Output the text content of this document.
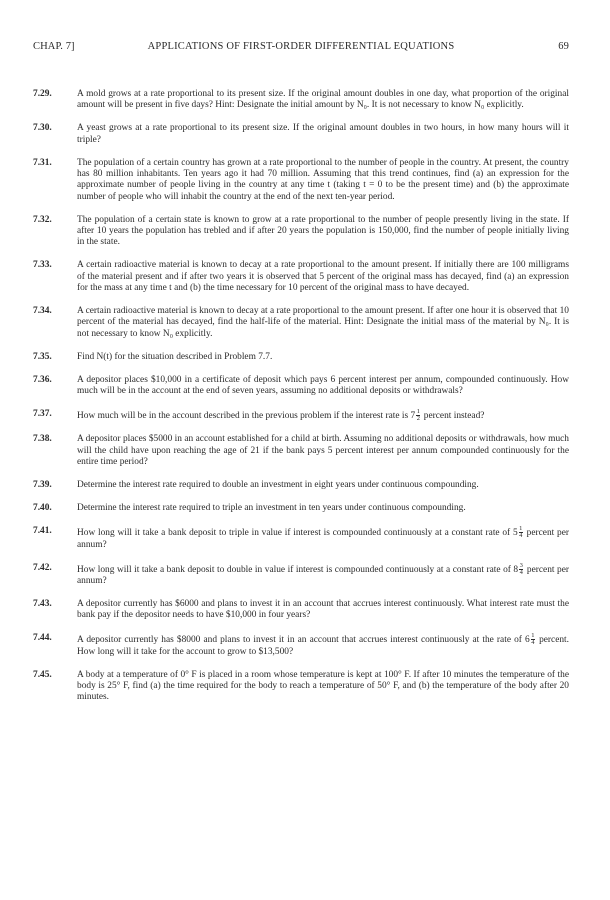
CHAP. 7]	APPLICATIONS OF FIRST-ORDER DIFFERENTIAL EQUATIONS	69
7.29.	A mold grows at a rate proportional to its present size. If the original amount doubles in one day, what proportion of the original amount will be present in five days? Hint: Designate the initial amount by N₀. It is not necessary to know N₀ explicitly.
7.30.	A yeast grows at a rate proportional to its present size. If the original amount doubles in two hours, in how many hours will it triple?
7.31.	The population of a certain country has grown at a rate proportional to the number of people in the country. At present, the country has 80 million inhabitants. Ten years ago it had 70 million. Assuming that this trend continues, find (a) an expression for the approximate number of people living in the country at any time t (taking t = 0 to be the present time) and (b) the approximate number of people who will inhabit the country at the end of the next ten-year period.
7.32.	The population of a certain state is known to grow at a rate proportional to the number of people presently living in the state. If after 10 years the population has trebled and if after 20 years the population is 150,000, find the number of people initially living in the state.
7.33.	A certain radioactive material is known to decay at a rate proportional to the amount present. If initially there are 100 milligrams of the material present and if after two years it is observed that 5 percent of the original mass has decayed, find (a) an expression for the mass at any time t and (b) the time necessary for 10 percent of the original mass to have decayed.
7.34.	A certain radioactive material is known to decay at a rate proportional to the amount present. If after one hour it is observed that 10 percent of the material has decayed, find the half-life of the material. Hint: Designate the initial mass of the material by N₀. It is not necessary to know N₀ explicitly.
7.35.	Find N(t) for the situation described in Problem 7.7.
7.36.	A depositor places $10,000 in a certificate of deposit which pays 6 percent interest per annum, compounded continuously. How much will be in the account at the end of seven years, assuming no additional deposits or withdrawals?
7.37.	How much will be in the account described in the previous problem if the interest rate is $7 \frac{1}{2}$ percent instead?
7.38.	A depositor places $5000 in an account established for a child at birth. Assuming no additional deposits or withdrawals, how much will the child have upon reaching the age of 21 if the bank pays 5 percent interest per annum compounded continuously for the entire time period?
7.39.	Determine the interest rate required to double an investment in eight years under continuous compounding.
7.40.	Determine the interest rate required to triple an investment in ten years under continuous compounding.
7.41.	How long will it take a bank deposit to triple in value if interest is compounded continuously at a constant rate of $5 \frac{1}{4}$ percent per annum?
7.42.	How long will it take a bank deposit to double in value if interest is compounded continuously at a constant rate of $8 \frac{3}{4}$ percent per annum?
7.43.	A depositor currently has $6000 and plans to invest it in an account that accrues interest continuously. What interest rate must the bank pay if the depositor needs to have $10,000 in four years?
7.44.	A depositor currently has $8000 and plans to invest it in an account that accrues interest continuously at the rate of $6 \frac{1}{4}$ percent. How long will it take for the account to grow to $13,500?
7.45.	A body at a temperature of 0° F is placed in a room whose temperature is kept at 100° F. If after 10 minutes the temperature of the body is 25° F, find (a) the time required for the body to reach a temperature of 50° F, and (b) the temperature of the body after 20 minutes.
